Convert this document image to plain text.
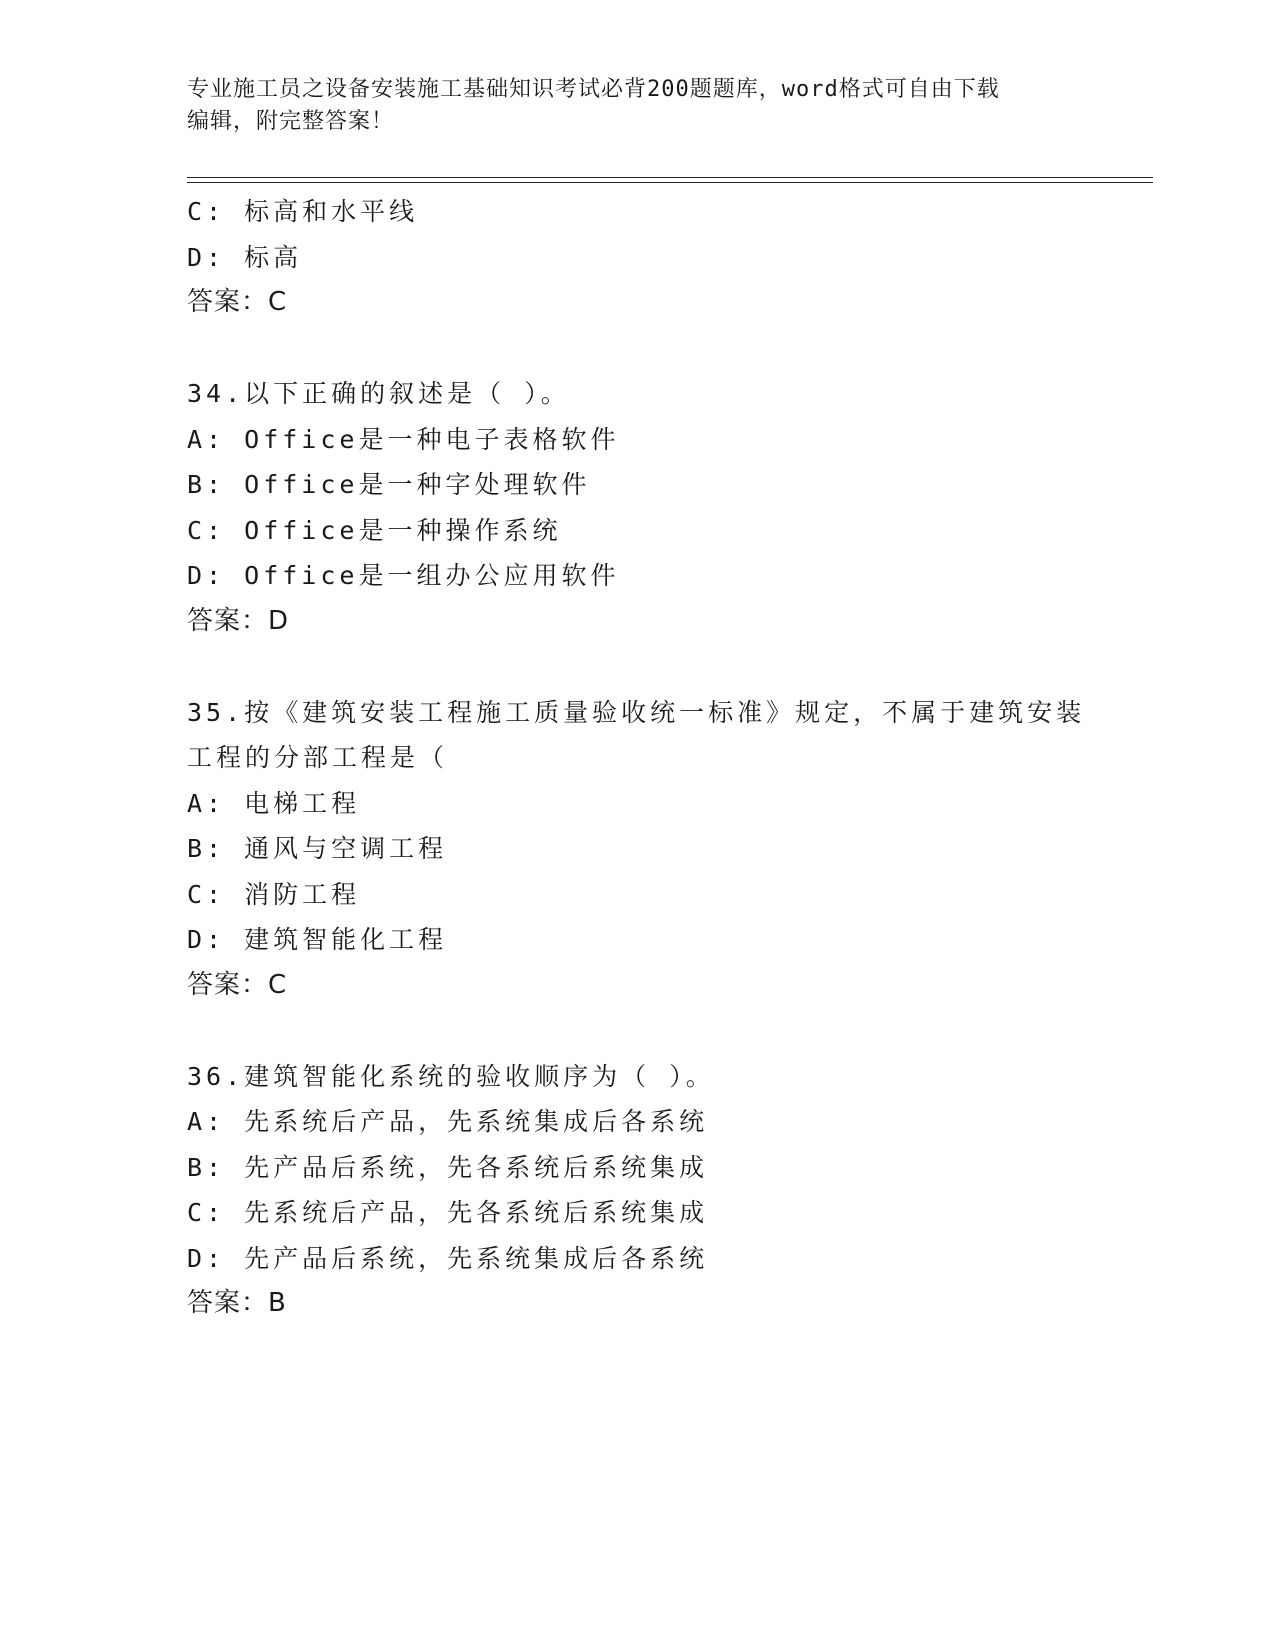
专业施工员之设备安装施工基础知识考试必背200题题库，word格式可自由下载
编辑，附完整答案！
C: 标高和水平线
D: 标高
答案：C
34.以下正确的叙述是（ ）。
A: Office是一种电子表格软件
B: Office是一种字处理软件
C: Office是一种操作系统
D: Office是一组办公应用软件
答案：D
35.按《建筑安装工程施工质量验收统一标准》规定，不属于建筑安装
工程的分部工程是（
A: 电梯工程
B: 通风与空调工程
C: 消防工程
D: 建筑智能化工程
答案：C
36.建筑智能化系统的验收顺序为（ ）。
A: 先系统后产品，先系统集成后各系统
B: 先产品后系统，先各系统后系统集成
C: 先系统后产品，先各系统后系统集成
D: 先产品后系统，先系统集成后各系统
答案：B
